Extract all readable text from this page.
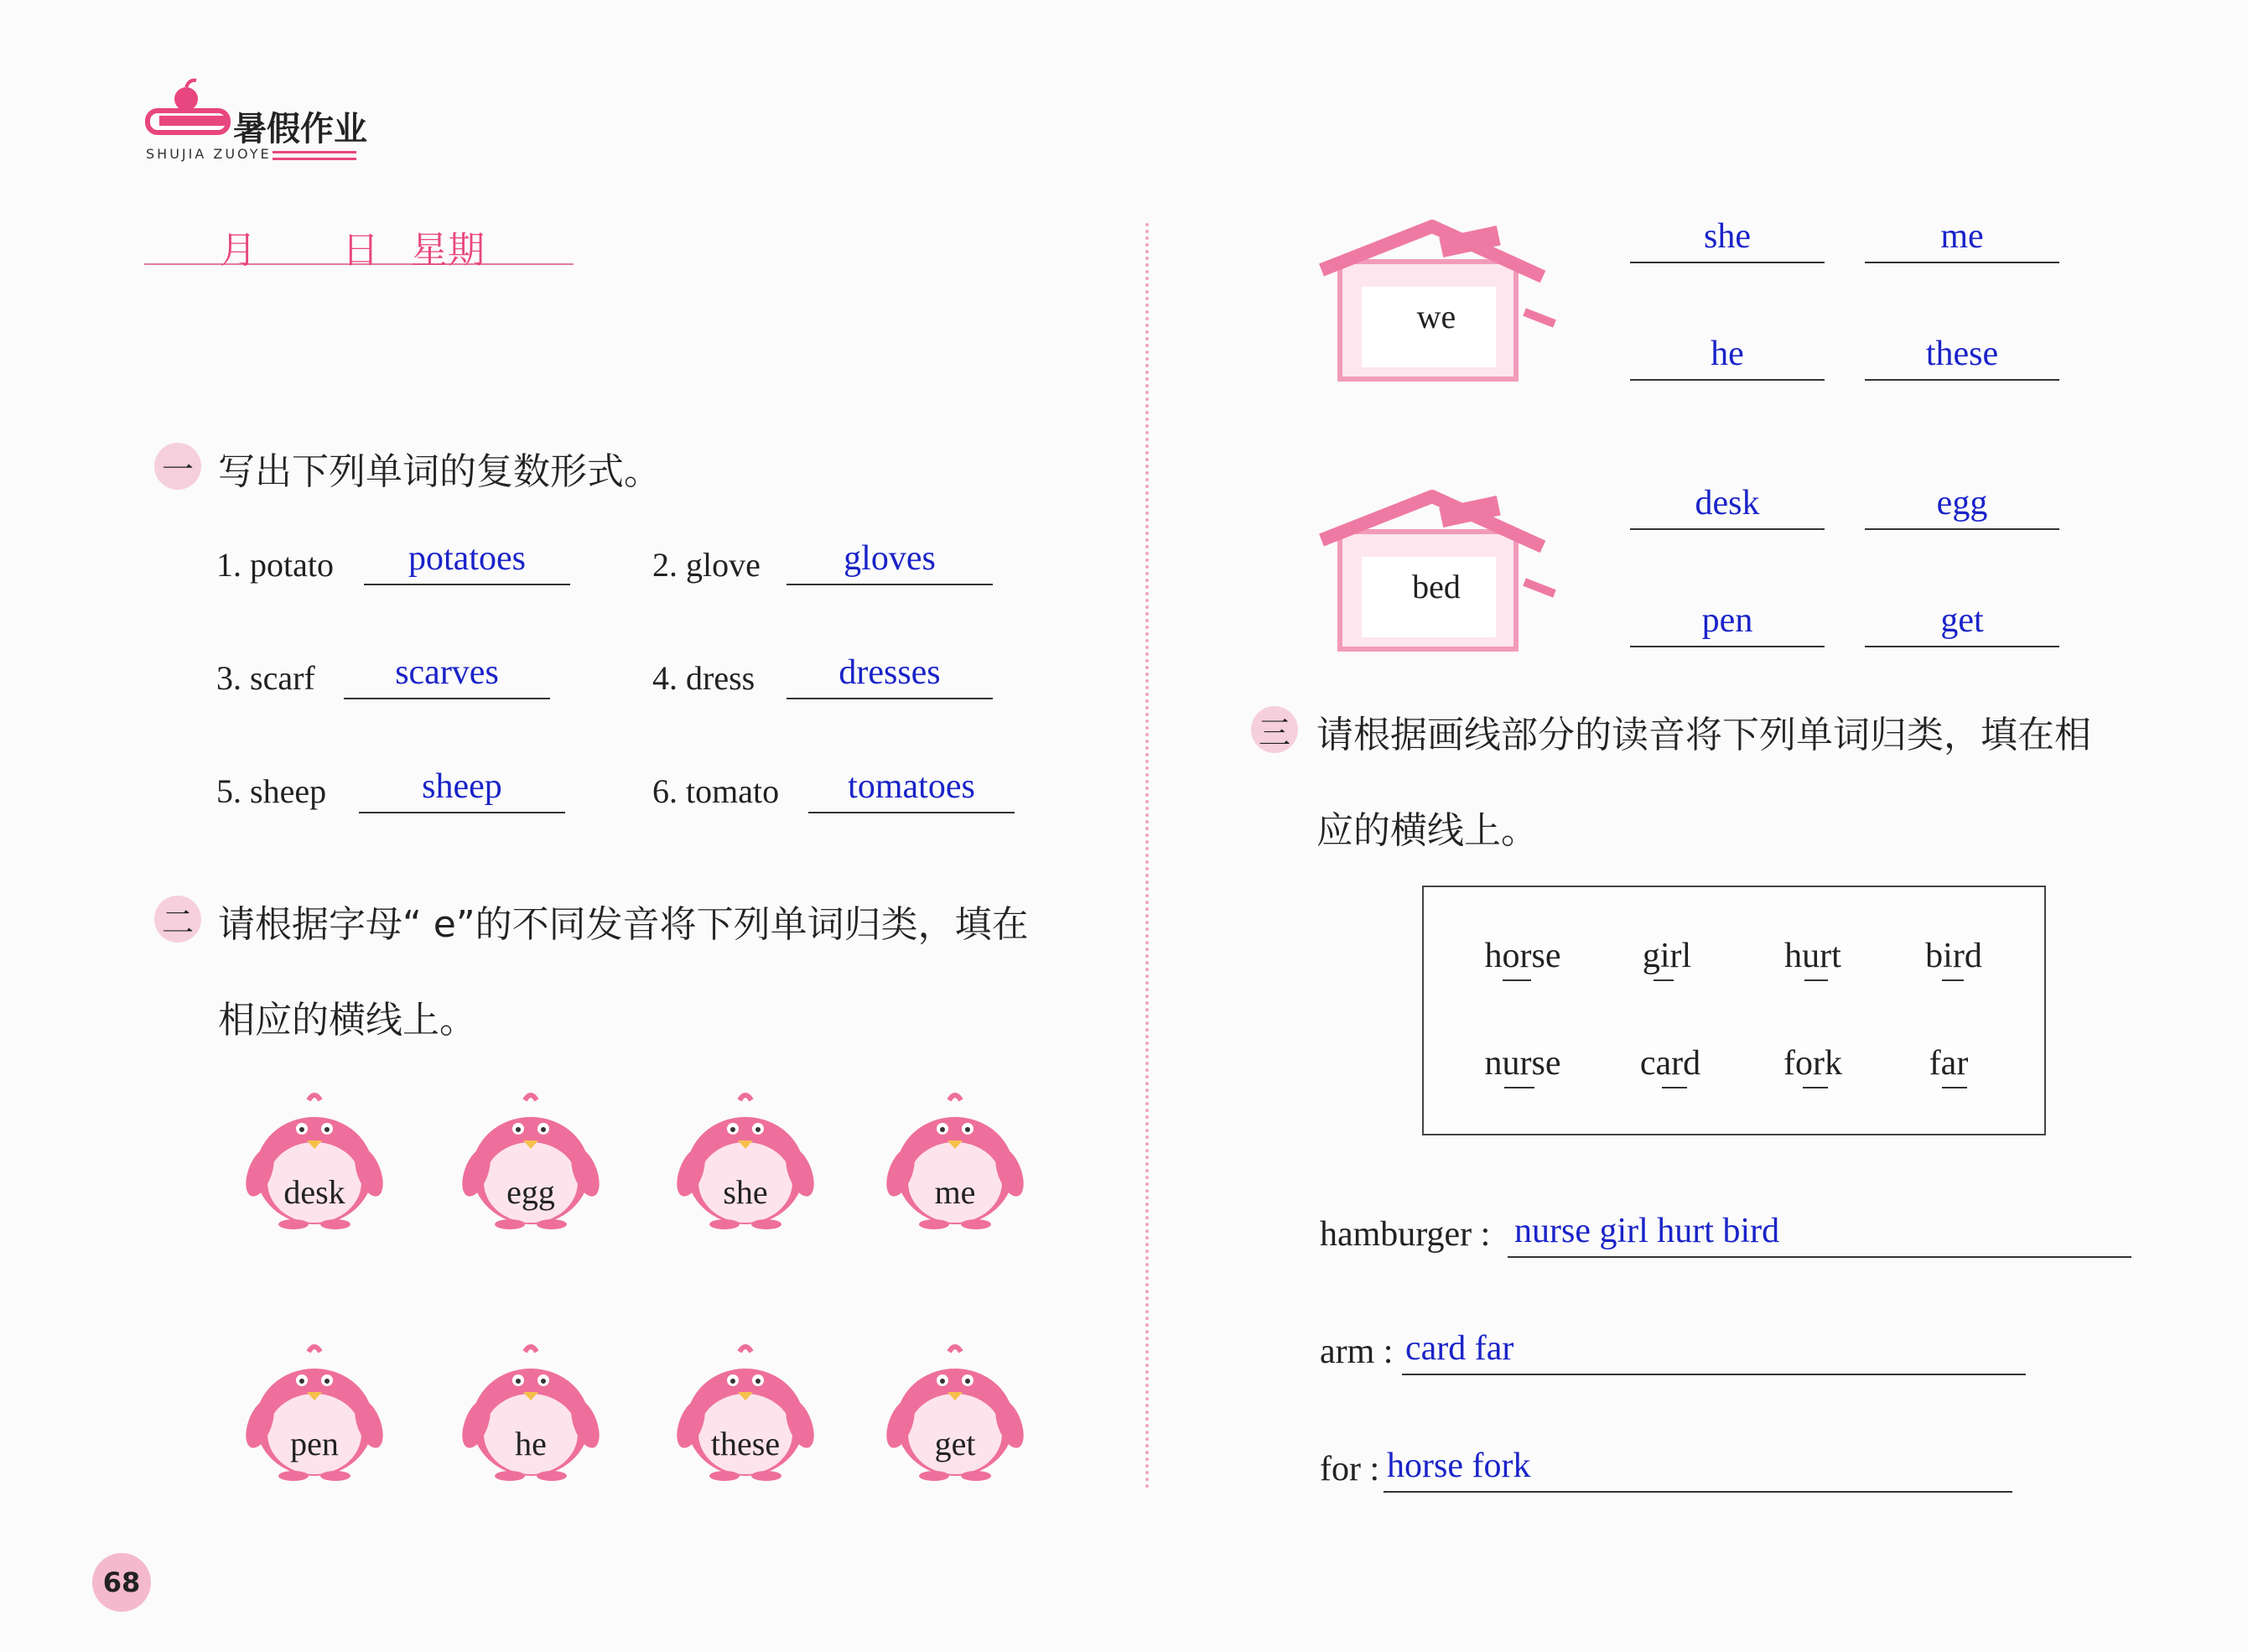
暑假作业
SHUJIA ZUOYE
月 日 星期
一 写出下列单词的复数形式。
1. potato	potatoes	2. glove	gloves
3. scarf	scarves	4. dress	dresses
5. sheep	sheep	6. tomato	tomatoes
二 请根据字母“ e”的不同发音将下列单词归类，填在
相应的横线上。
desk	egg	she	me
pen	he	these	get
we
bed
she	me
he	these
desk	egg
pen	get
三 请根据画线部分的读音将下列单词归类，填在相
应的横线上。
horse	girl	hurt	bird
nurse	card	fork	far
hamburger : nurse girl hurt bird
arm : card far
for : horse fork
68
